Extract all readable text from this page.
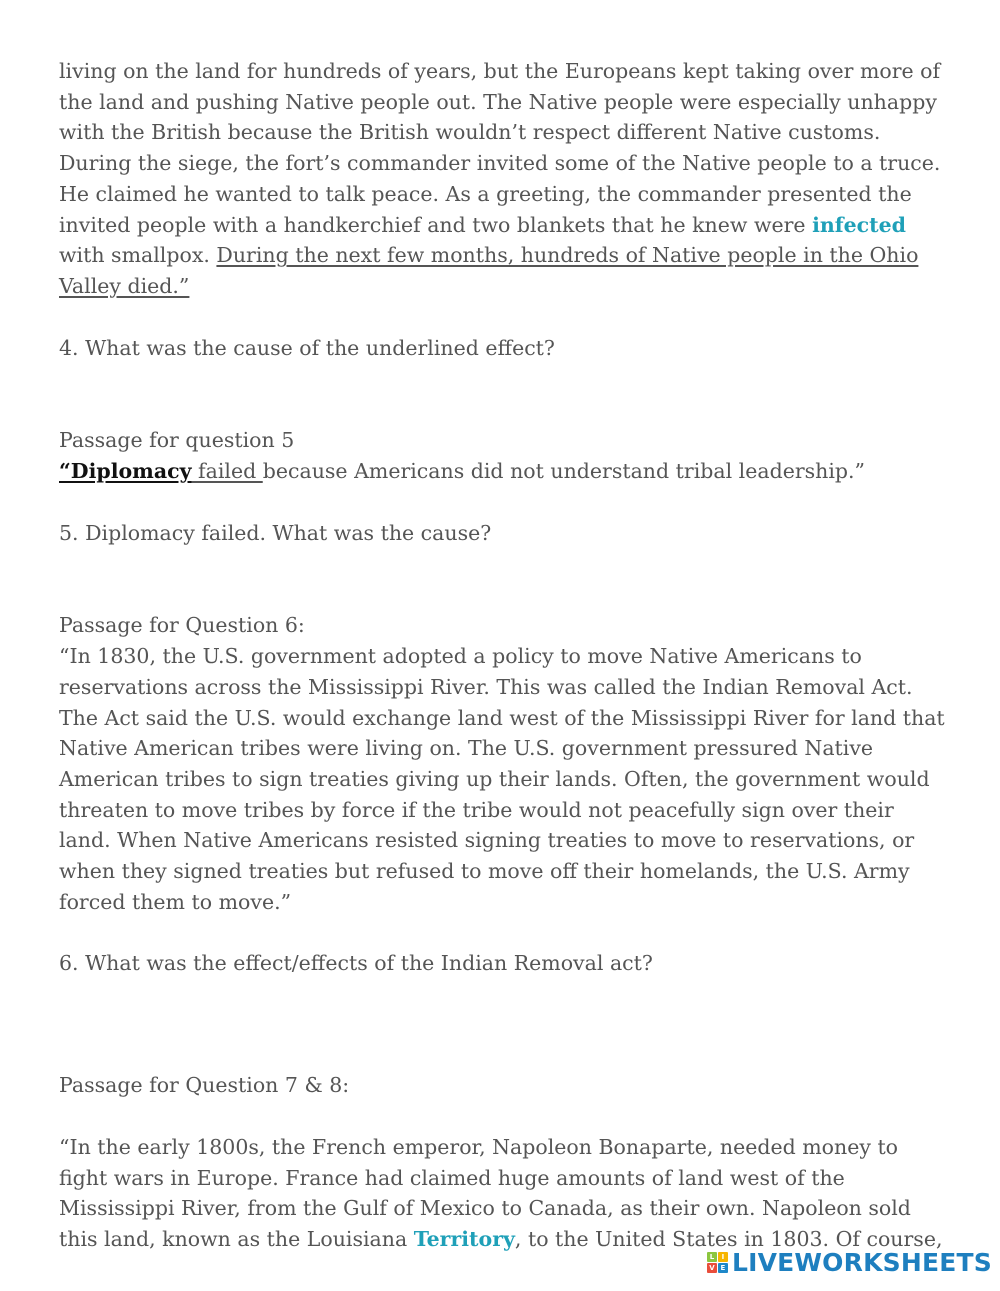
living on the land for hundreds of years, but the Europeans kept taking over more of the land and pushing Native people out. The Native people were especially unhappy with the British because the British wouldn’t respect different Native customs. During the siege, the fort’s commander invited some of the Native people to a truce. He claimed he wanted to talk peace. As a greeting, the commander presented the invited people with a handkerchief and two blankets that he knew were infected with smallpox. During the next few months, hundreds of Native people in the Ohio Valley died.”

4. What was the cause of the underlined effect?

Passage for question 5

“Diplomacy failed because Americans did not understand tribal leadership.”

5. Diplomacy failed. What was the cause?

Passage for Question 6:

“In 1830, the U.S. government adopted a policy to move Native Americans to reservations across the Mississippi River. This was called the Indian Removal Act. The Act said the U.S. would exchange land west of the Mississippi River for land that Native American tribes were living on. The U.S. government pressured Native American tribes to sign treaties giving up their lands. Often, the government would threaten to move tribes by force if the tribe would not peacefully sign over their land. When Native Americans resisted signing treaties to move to reservations, or when they signed treaties but refused to move off their homelands, the U.S. Army forced them to move.”

6. What was the effect/effects of the Indian Removal act?

Passage for Question 7 & 8:

“In the early 1800s, the French emperor, Napoleon Bonaparte, needed money to fight wars in Europe. France had claimed huge amounts of land west of the Mississippi River, from the Gulf of Mexico to Canada, as their own. Napoleon sold this land, known as the Louisiana Territory, to the United States in 1803. Of course,

L	I
V E LIVEWORKSHEETS
